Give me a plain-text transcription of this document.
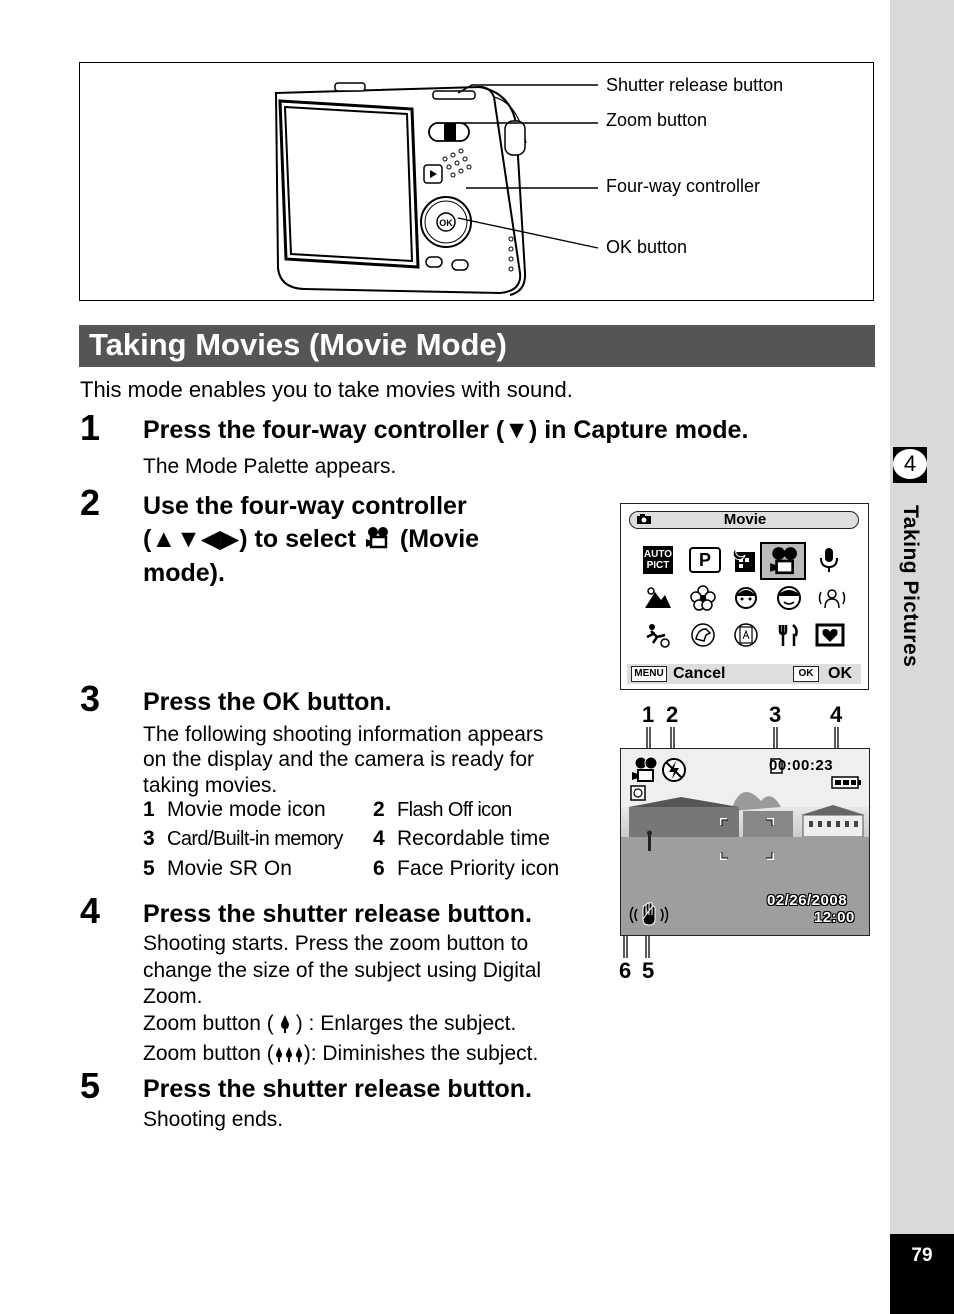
4
Taking Pictures
79
OK
Shutter release button
Zoom button
Four-way controller
OK button
Taking Movies (Movie Mode)
This mode enables you to take movies with sound.
1 Press the four-way controller (▼) in Capture mode.
The Mode Palette appears.
2 Use the four-way controller
(▲▼◀▶) to select (Movie
mode).
Movie
AUTO
PICT	P
MENU Cancel	OK OK
3 Press the OK button.
The following shooting information appears
on the display and the camera is ready for
taking movies.
1 Movie mode icon 2 Flash Off icon
3 Card/Built-in memory 4 Recordable time
5 Movie SR On	6 Face Priority icon
1 2	3 4
5
6
00:00:23
02/26/2008
12:00
4 Press the shutter release button.
Shooting starts. Press the zoom button to
change the size of the subject using Digital
Zoom.
Zoom button ( ) : Enlarges the subject.
Zoom button ( ): Diminishes the subject.
5 Press the shutter release button.
Shooting ends.
